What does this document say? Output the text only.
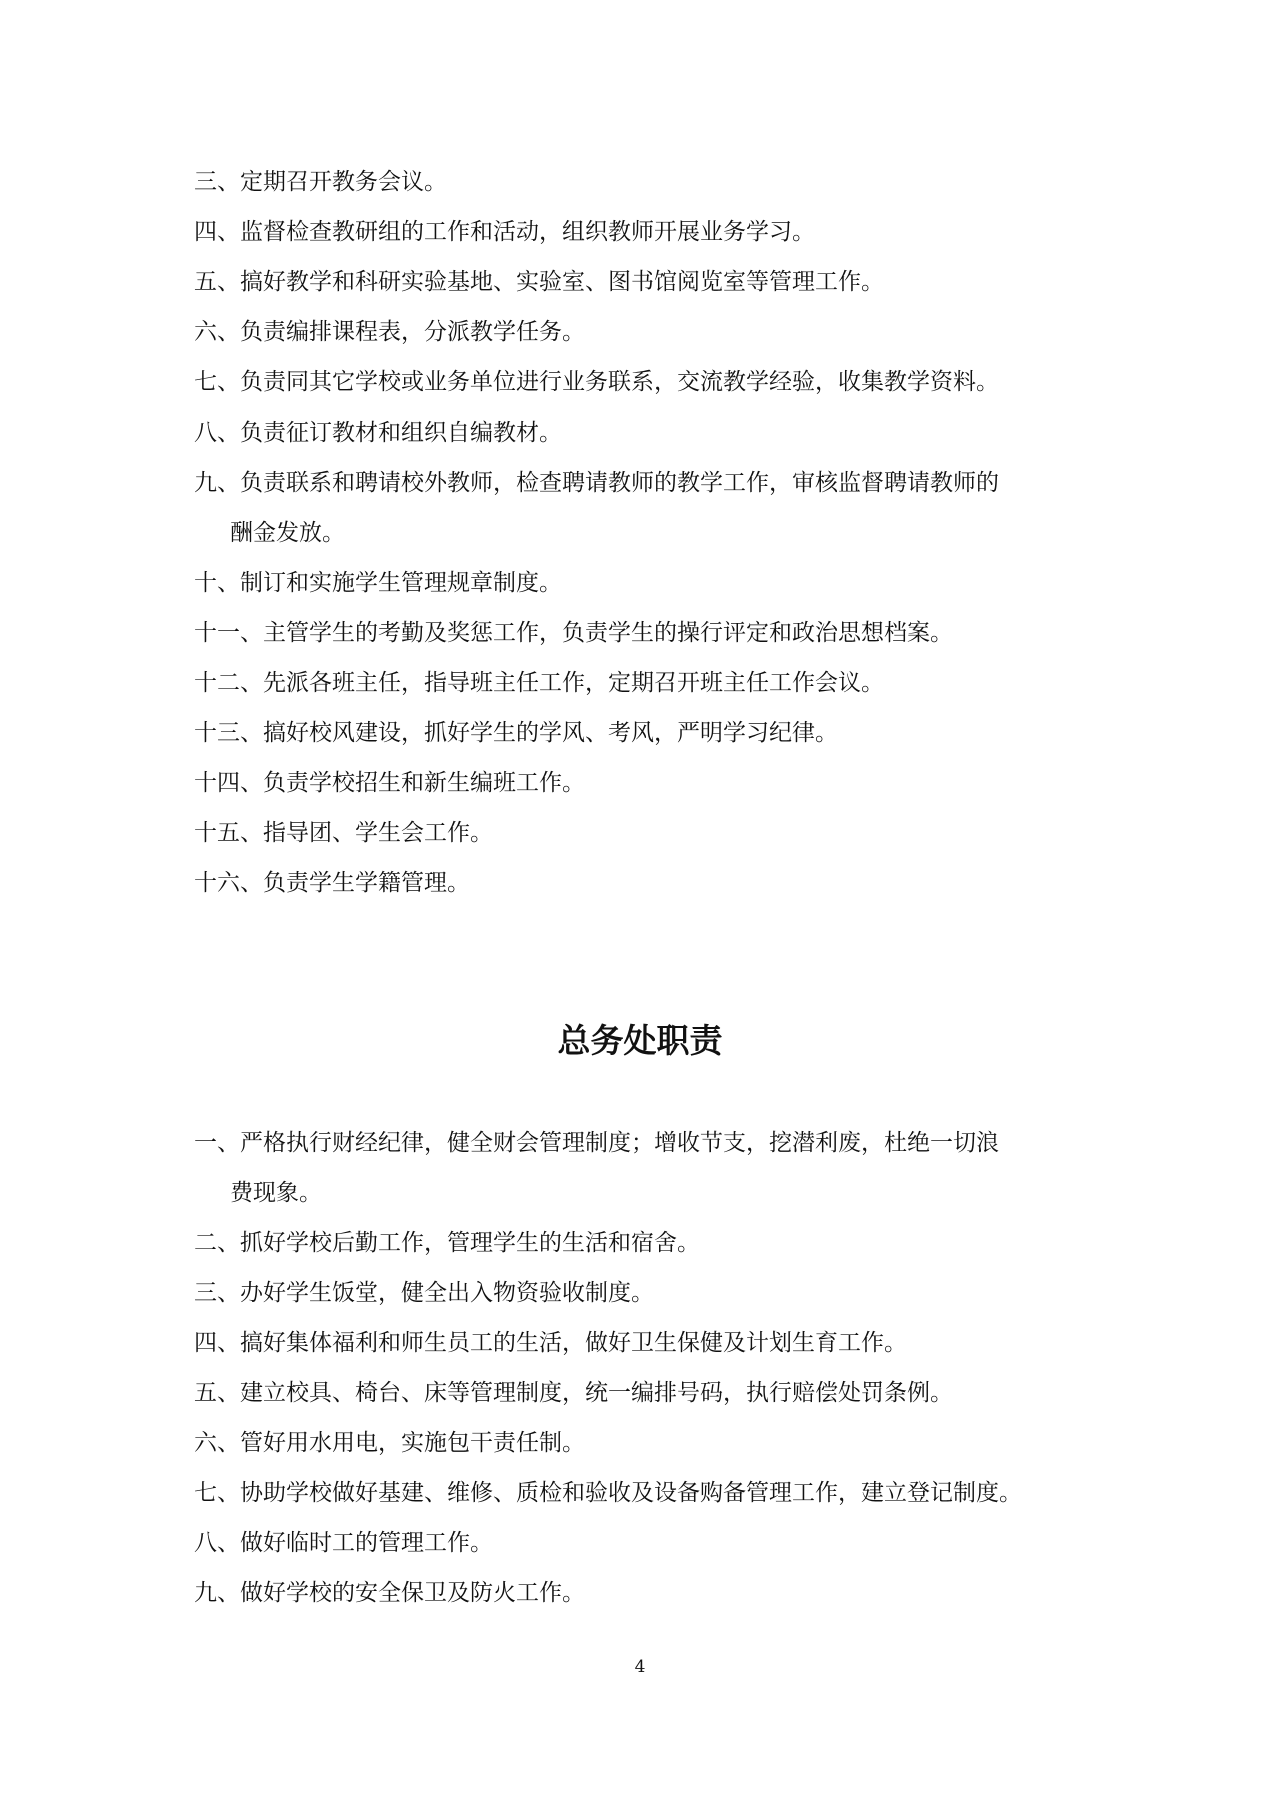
三、定期召开教务会议。
四、监督检查教研组的工作和活动，组织教师开展业务学习。
五、搞好教学和科研实验基地、实验室、图书馆阅览室等管理工作。
六、负责编排课程表，分派教学任务。
七、负责同其它学校或业务单位进行业务联系，交流教学经验，收集教学资料。
八、负责征订教材和组织自编教材。
九、负责联系和聘请校外教师，检查聘请教师的教学工作，审核监督聘请教师的
酬金发放。
十、制订和实施学生管理规章制度。
十一、主管学生的考勤及奖惩工作，负责学生的操行评定和政治思想档案。
十二、先派各班主任，指导班主任工作，定期召开班主任工作会议。
十三、搞好校风建设，抓好学生的学风、考风，严明学习纪律。
十四、负责学校招生和新生编班工作。
十五、指导团、学生会工作。
十六、负责学生学籍管理。
总务处职责
一、严格执行财经纪律，健全财会管理制度；增收节支，挖潜利废，杜绝一切浪
费现象。
二、抓好学校后勤工作，管理学生的生活和宿舍。
三、办好学生饭堂，健全出入物资验收制度。
四、搞好集体福利和师生员工的生活，做好卫生保健及计划生育工作。
五、建立校具、椅台、床等管理制度，统一编排号码，执行赔偿处罚条例。
六、管好用水用电，实施包干责任制。
七、协助学校做好基建、维修、质检和验收及设备购备管理工作，建立登记制度。
八、做好临时工的管理工作。
九、做好学校的安全保卫及防火工作。
4
